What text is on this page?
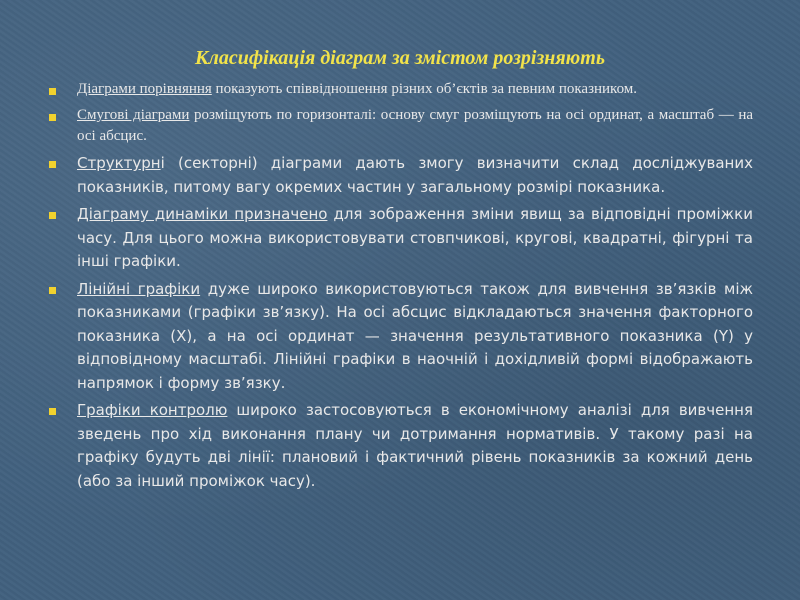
Класифікація діаграм за змістом розрізняють
Діаграми порівняння показують співвідношення різних об’єктів за певним показником.
Смугові діаграми розміщують по горизонталі: основу смуг розміщують на осі ординат, а масштаб — на осі абсцис.
Структурні (секторні) діаграми дають змогу визначити склад досліджуваних показників, питому вагу окремих частин у загальному розмірі показника.
Діаграму динаміки призначено для зображення зміни явищ за відповідні проміжки часу. Для цього можна використовувати стовпчикові, кругові, квадратні, фігурні та інші графіки.
Лінійні графіки дуже широко використовуються також для вивчення зв’язків між показниками (графіки зв’язку). На осі абсцис відкладаються значення факторного показника (X), а на осі ординат — значення результативного показника (Y) у відповідному масштабі. Лінійні графіки в наочній і дохідливій формі відображають напрямок і форму зв’язку.
Графіки контролю широко застосовуються в економічному аналізі для вивчення зведень про хід виконання плану чи дотримання нормативів. У такому разі на графіку будуть дві лінії: плановий і фактичний рівень показників за кожний день (або за інший проміжок часу).
